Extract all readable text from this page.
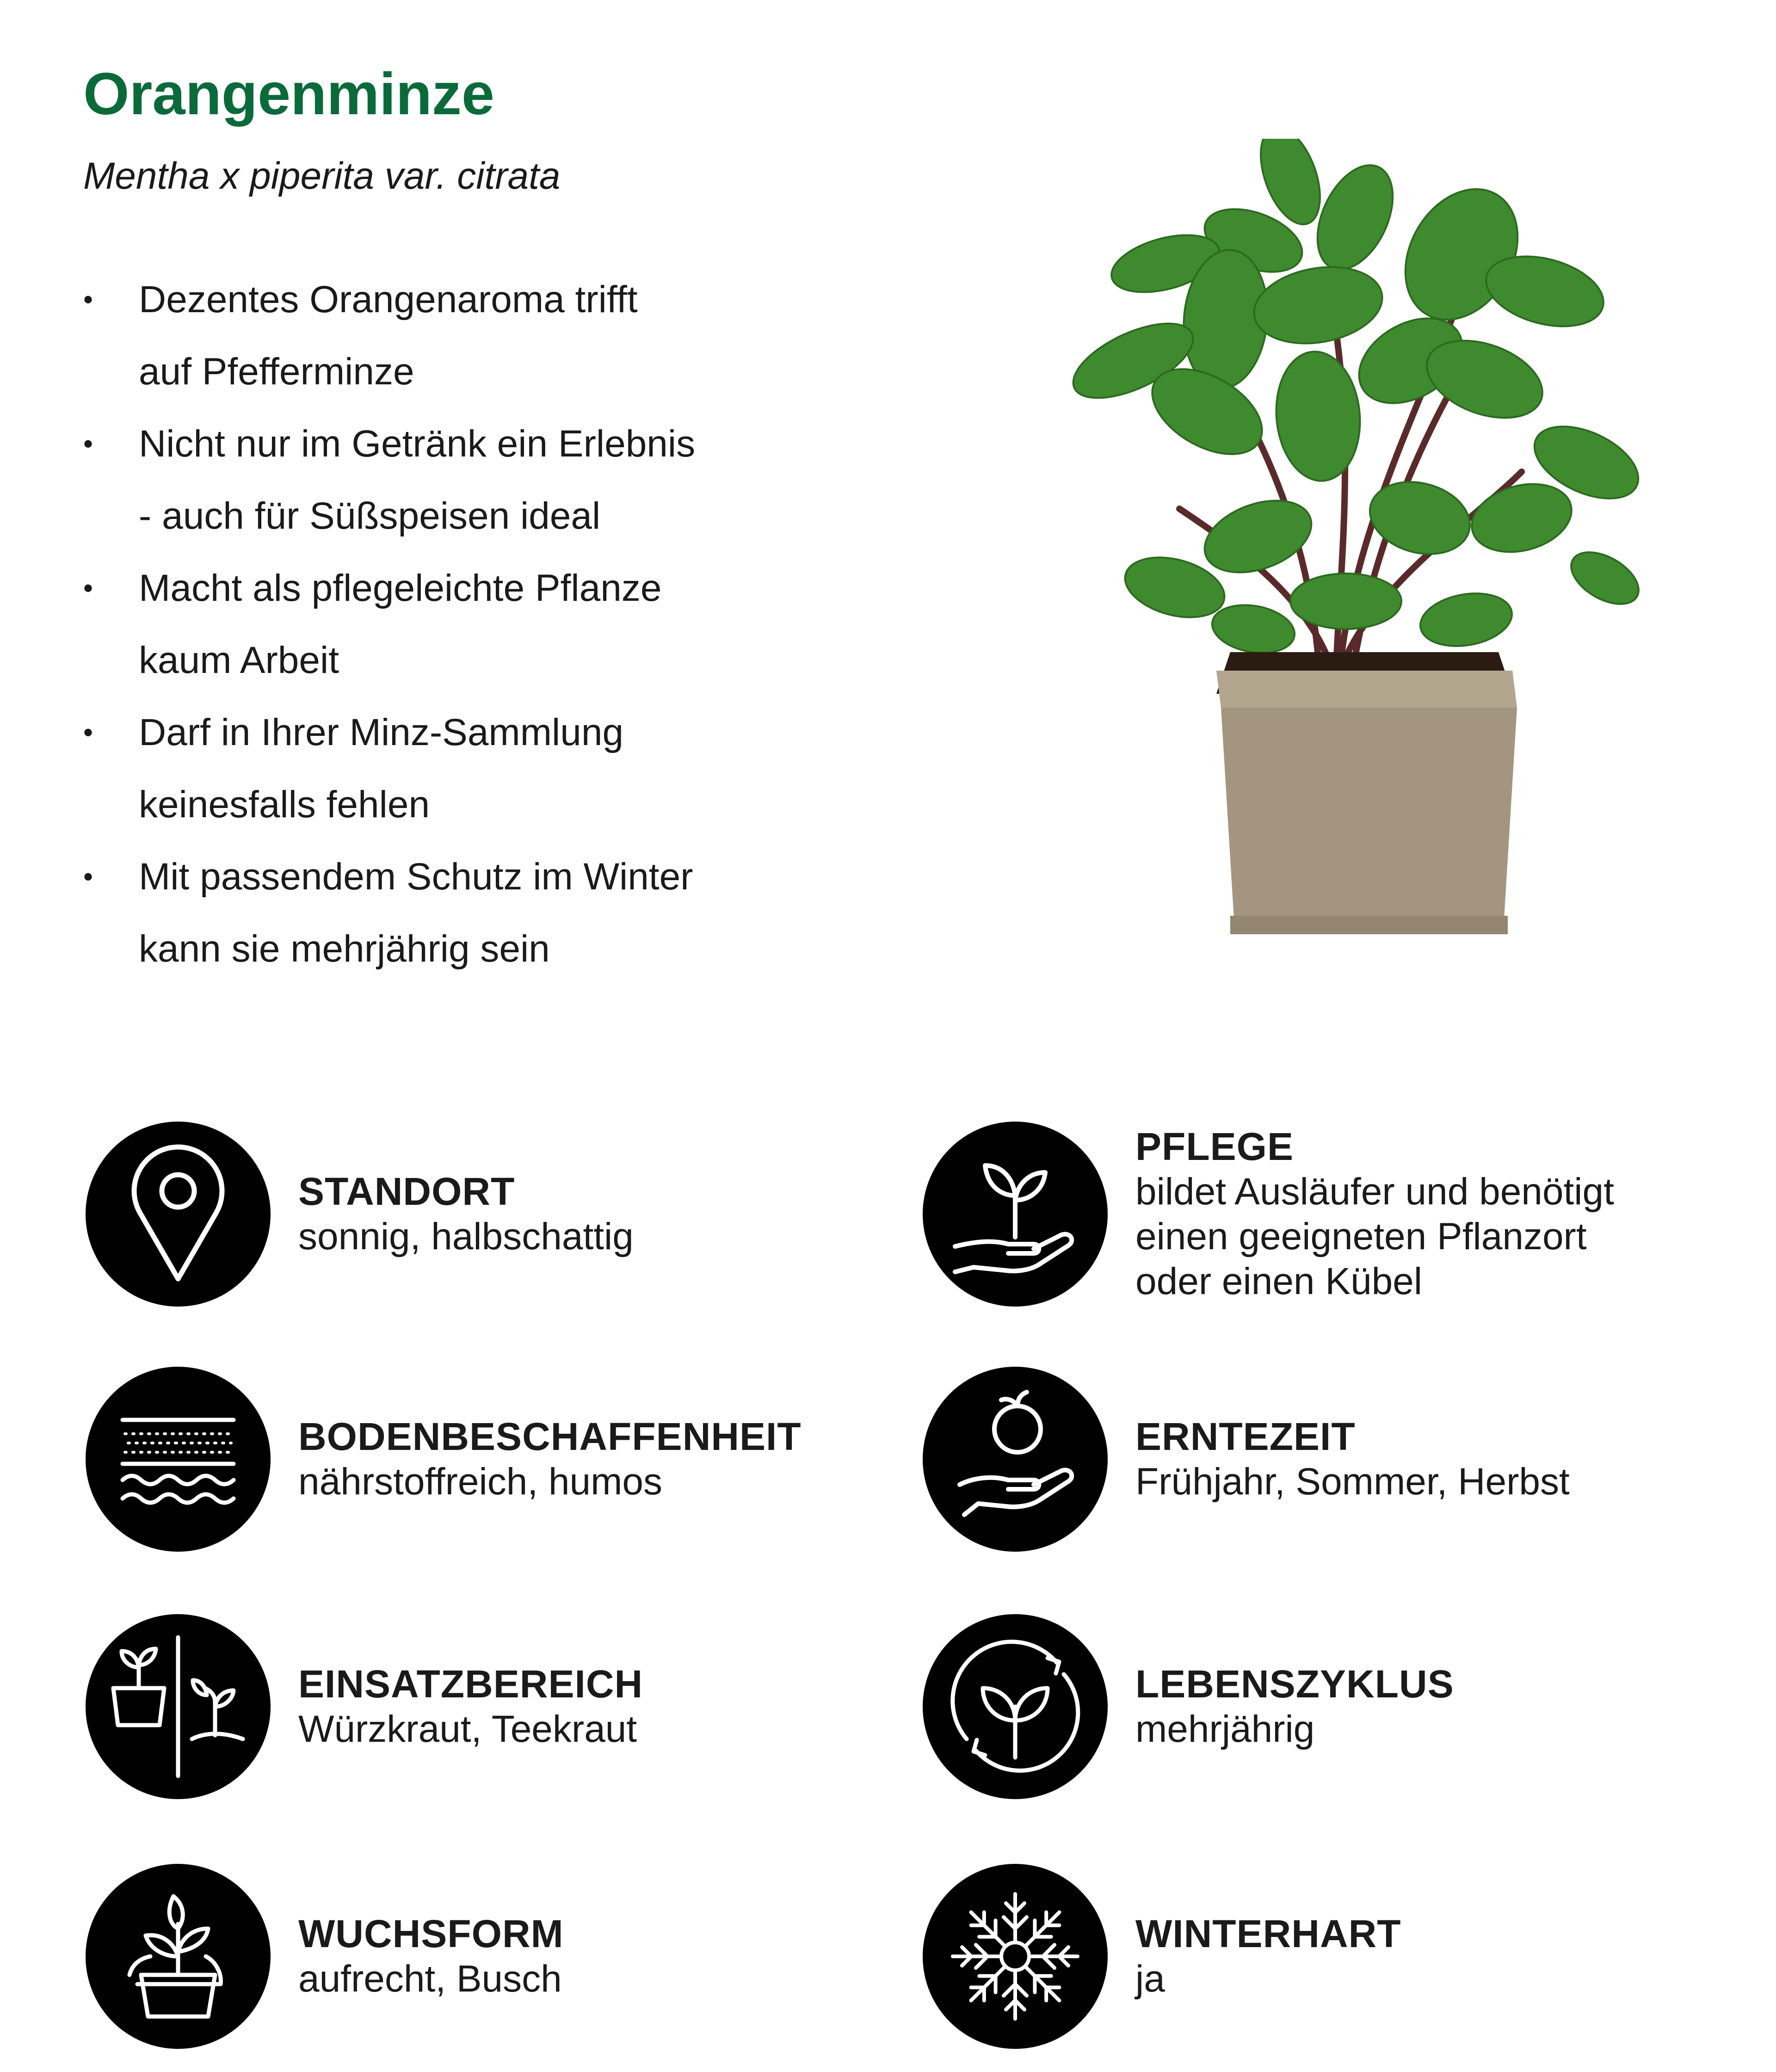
Orangenminze

Mentha x piperita var. citrata

• Dezentes Orangenaroma trifft
auf Pfefferminze
• Nicht nur im Getränk ein Erlebnis
- auch für Süßspeisen ideal
• Macht als pflegeleichte Pflanze
kaum Arbeit
• Darf in Ihrer Minz-Sammlung
keinesfalls fehlen
• Mit passendem Schutz im Winter
kann sie mehrjährig sein
STANDORT
sonnig, halbschattig
PFLEGE
bildet Ausläufer und benötigt
einen geeigneten Pflanzort
oder einen Kübel
BODENBESCHAFFENHEIT
nährstoffreich, humos
ERNTEZEIT
Frühjahr, Sommer, Herbst
EINSATZBEREICH
Würzkraut, Teekraut
LEBENSZYKLUS
mehrjährig
WUCHSFORM
aufrecht, Busch
WINTERHART
ja
